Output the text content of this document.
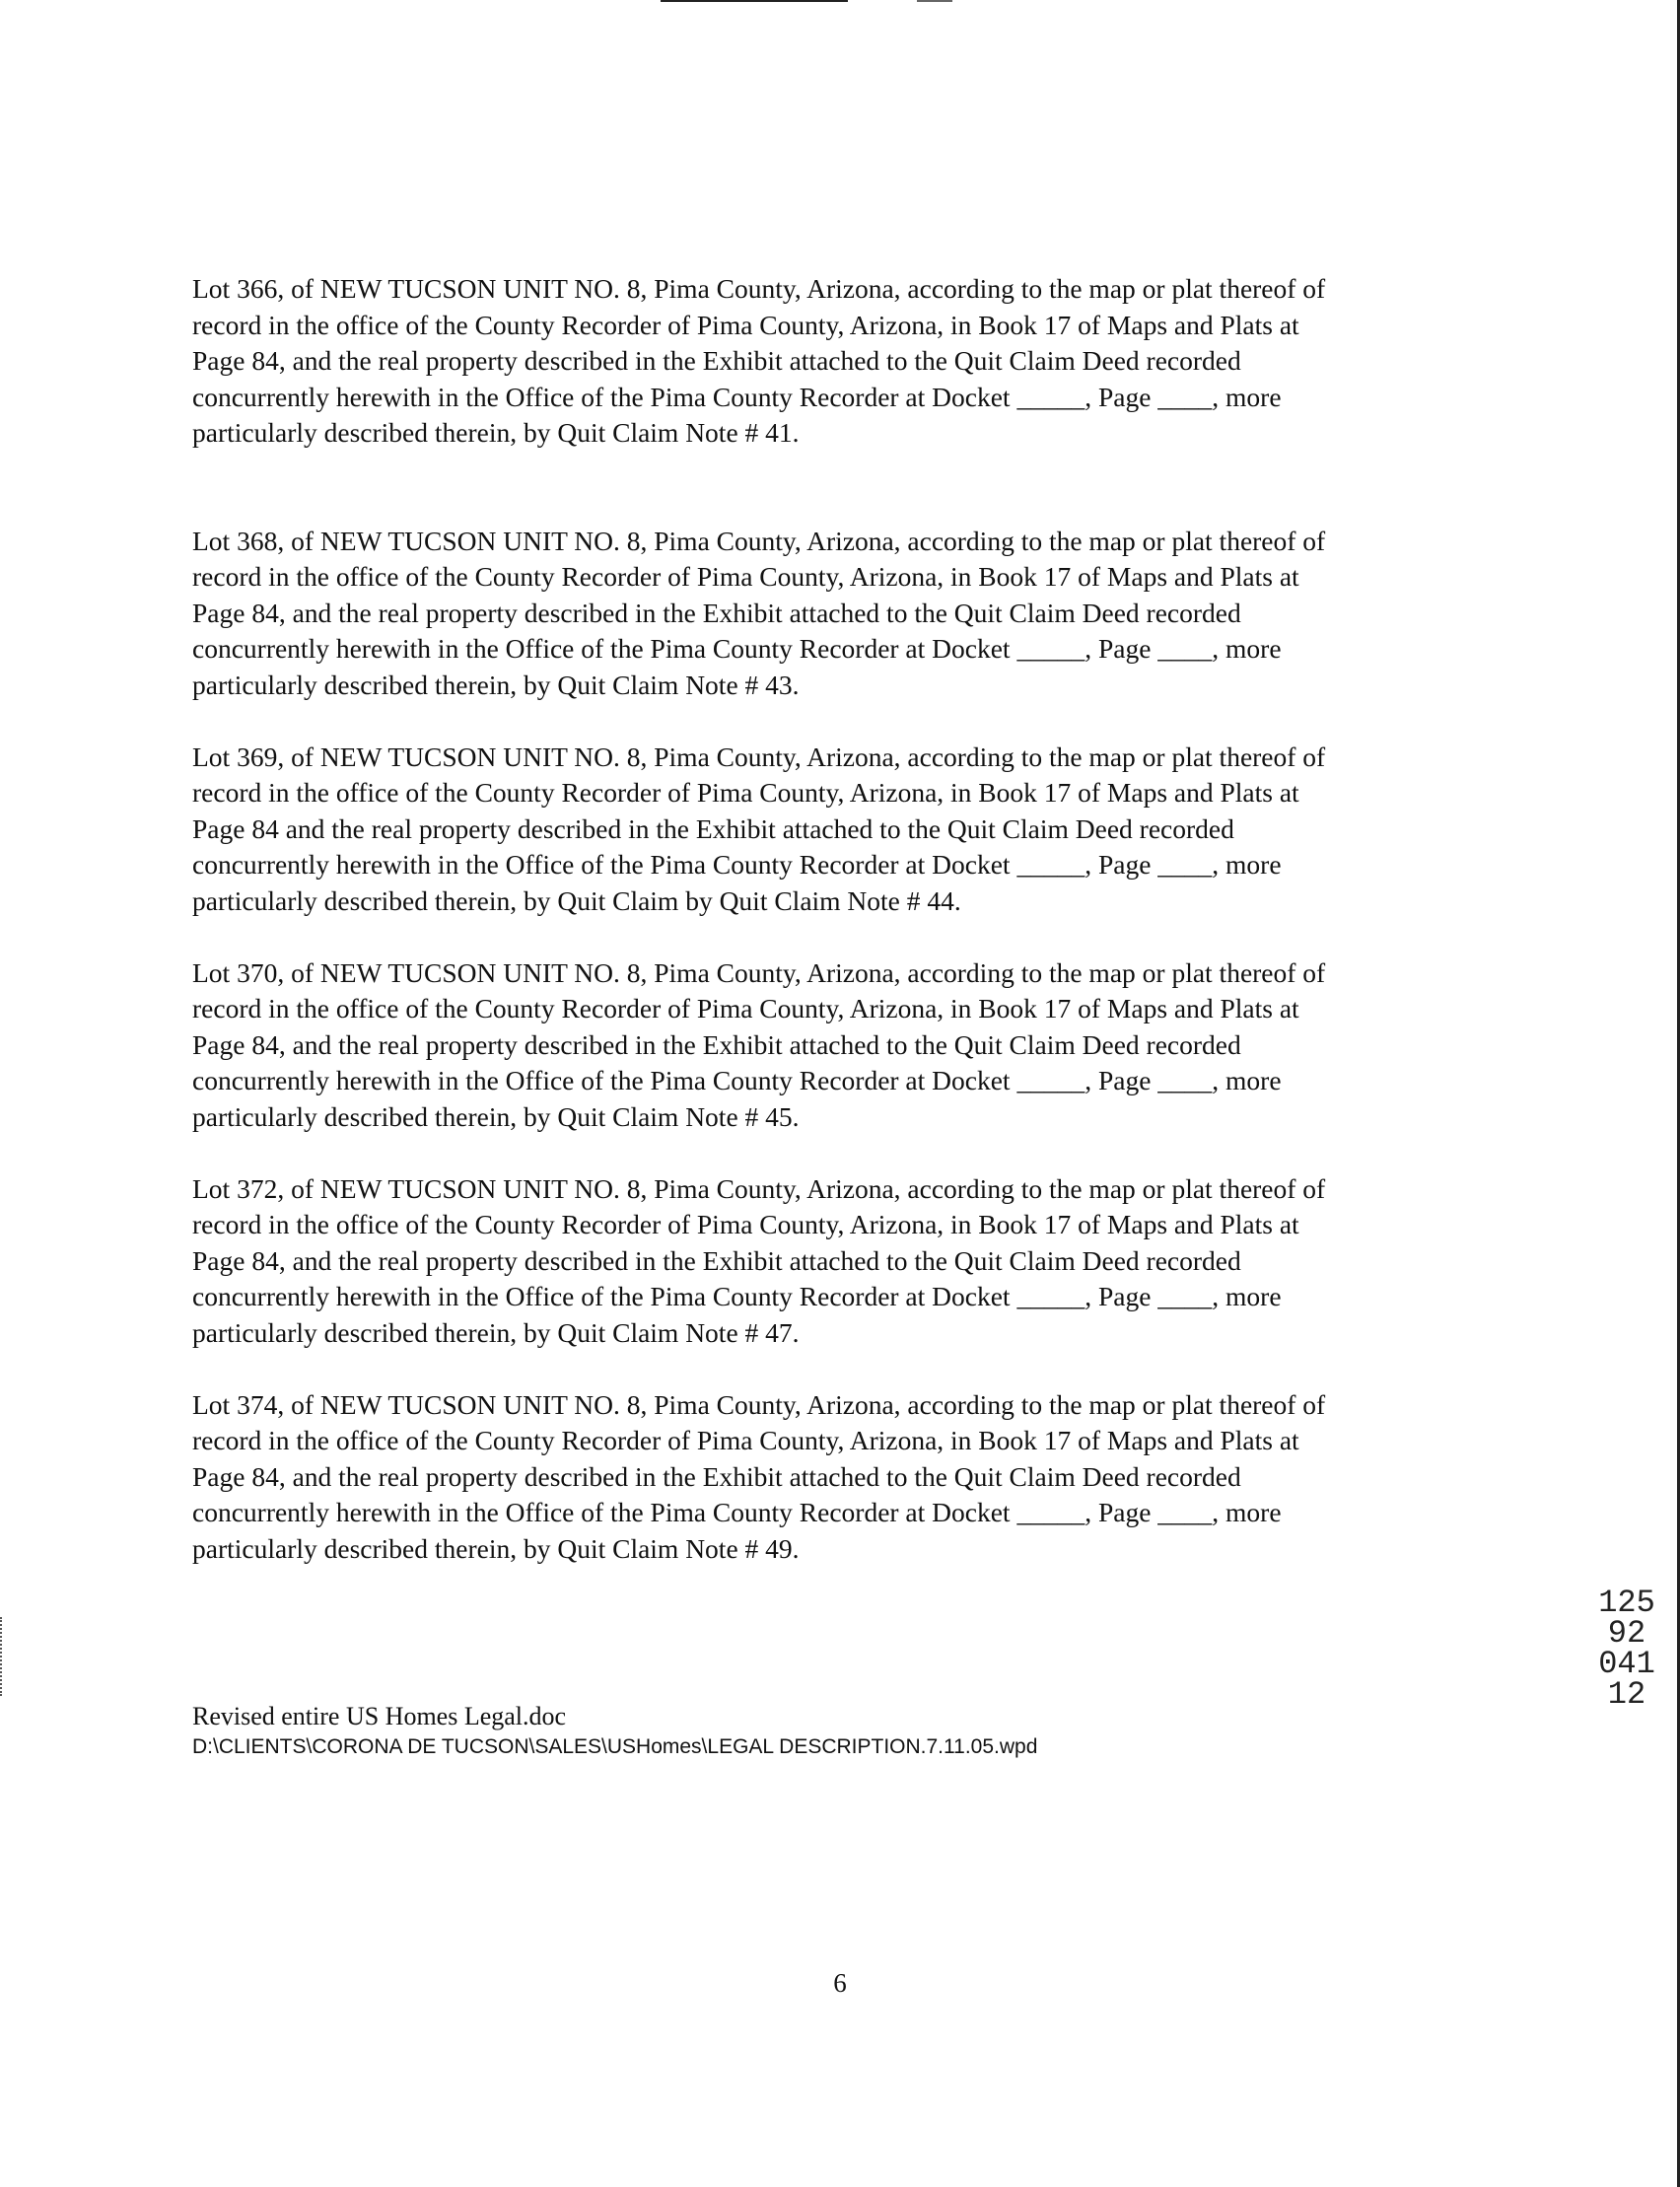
Lot 366, of NEW TUCSON UNIT NO. 8, Pima County, Arizona, according to the map or plat thereof of
record in the office of the County Recorder of Pima County, Arizona, in Book 17 of Maps and Plats at
Page 84, and the real property described in the Exhibit attached to the Quit Claim Deed recorded
concurrently herewith in the Office of the Pima County Recorder at Docket _____, Page ____, more
particularly described therein, by Quit Claim Note # 41.

Lot 368, of NEW TUCSON UNIT NO. 8, Pima County, Arizona, according to the map or plat thereof of
record in the office of the County Recorder of Pima County, Arizona, in Book 17 of Maps and Plats at
Page 84, and the real property described in the Exhibit attached to the Quit Claim Deed recorded
concurrently herewith in the Office of the Pima County Recorder at Docket _____, Page ____, more
particularly described therein, by Quit Claim Note # 43.

Lot 369, of NEW TUCSON UNIT NO. 8, Pima County, Arizona, according to the map or plat thereof of
record in the office of the County Recorder of Pima County, Arizona, in Book 17 of Maps and Plats at
Page 84 and the real property described in the Exhibit attached to the Quit Claim Deed recorded
concurrently herewith in the Office of the Pima County Recorder at Docket _____, Page ____, more
particularly described therein, by Quit Claim by Quit Claim Note # 44.

Lot 370, of NEW TUCSON UNIT NO. 8, Pima County, Arizona, according to the map or plat thereof of
record in the office of the County Recorder of Pima County, Arizona, in Book 17 of Maps and Plats at
Page 84, and the real property described in the Exhibit attached to the Quit Claim Deed recorded
concurrently herewith in the Office of the Pima County Recorder at Docket _____, Page ____, more
particularly described therein, by Quit Claim Note # 45.

Lot 372, of NEW TUCSON UNIT NO. 8, Pima County, Arizona, according to the map or plat thereof of
record in the office of the County Recorder of Pima County, Arizona, in Book 17 of Maps and Plats at
Page 84, and the real property described in the Exhibit attached to the Quit Claim Deed recorded
concurrently herewith in the Office of the Pima County Recorder at Docket _____, Page ____, more
particularly described therein, by Quit Claim Note # 47.

Lot 374, of NEW TUCSON UNIT NO. 8, Pima County, Arizona, according to the map or plat thereof of
record in the office of the County Recorder of Pima County, Arizona, in Book 17 of Maps and Plats at
Page 84, and the real property described in the Exhibit attached to the Quit Claim Deed recorded
concurrently herewith in the Office of the Pima County Recorder at Docket _____, Page ____, more
particularly described therein, by Quit Claim Note # 49.

Revised entire US Homes Legal.doc
D:\CLIENTS\CORONA DE TUCSON\SALES\USHomes\LEGAL DESCRIPTION.7.11.05.wpd
12592 04112
6
